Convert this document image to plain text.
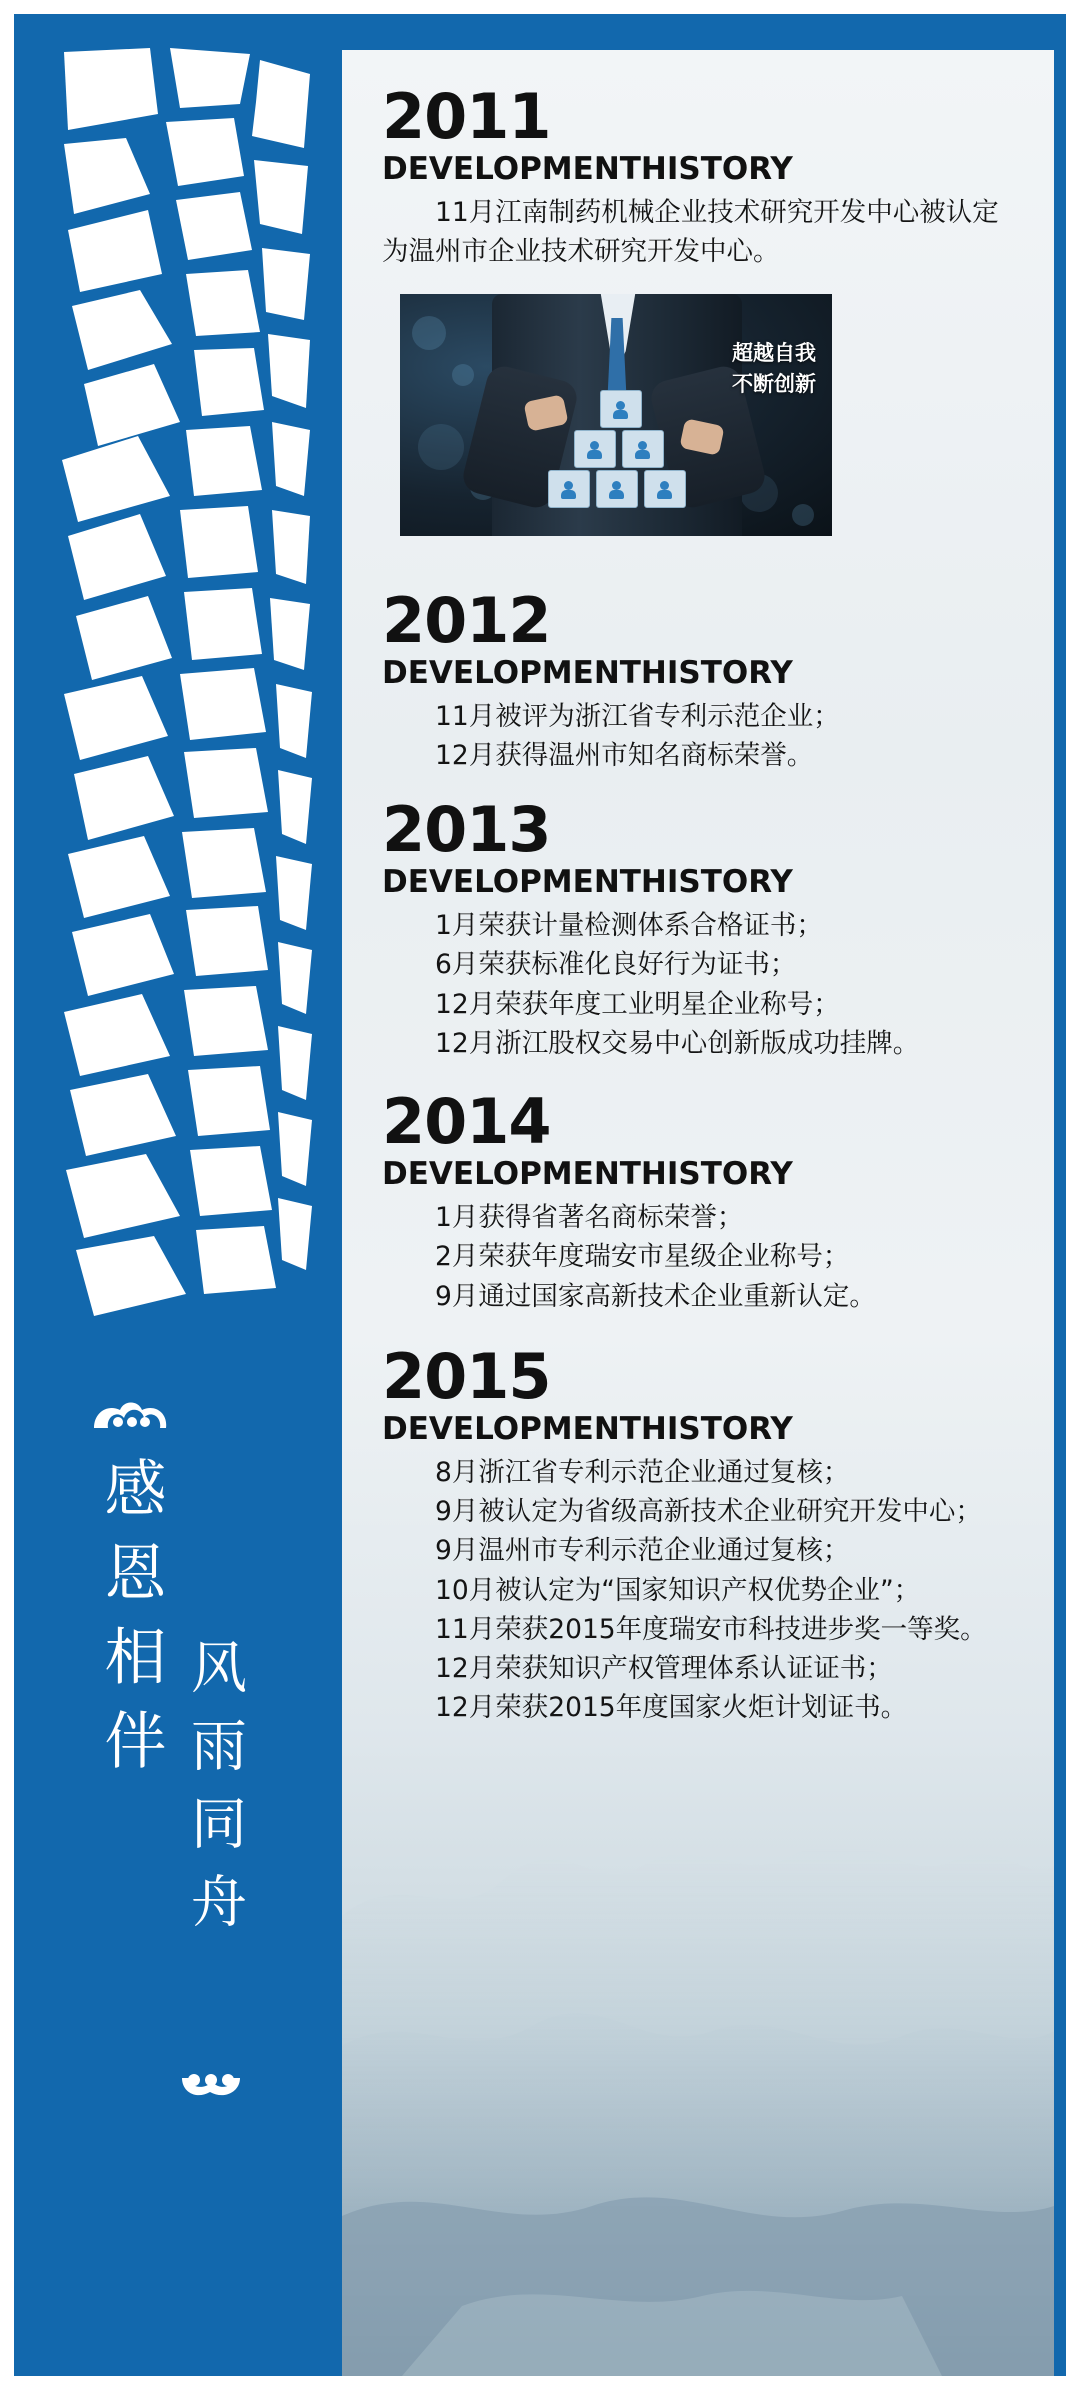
感恩相伴
风雨同舟
2011
DEVELOPMENTHISTORY

11月江南制药机械企业技术研究开发中心被认定为温州市企业技术研究开发中心。

超越自我
不断创新
2012
DEVELOPMENTHISTORY

11月被评为浙江省专利示范企业；

12月获得温州市知名商标荣誉。

2013
DEVELOPMENTHISTORY

1月荣获计量检测体系合格证书；

6月荣获标准化良好行为证书；

12月荣获年度工业明星企业称号；

12月浙江股权交易中心创新版成功挂牌。

2014
DEVELOPMENTHISTORY

1月获得省著名商标荣誉；

2月荣获年度瑞安市星级企业称号；

9月通过国家高新技术企业重新认定。

2015
DEVELOPMENTHISTORY

8月浙江省专利示范企业通过复核；

9月被认定为省级高新技术企业研究开发中心；

9月温州市专利示范企业通过复核；

10月被认定为“国家知识产权优势企业”；

11月荣获2015年度瑞安市科技进步奖一等奖。

12月荣获知识产权管理体系认证证书；

12月荣获2015年度国家火炬计划证书。
